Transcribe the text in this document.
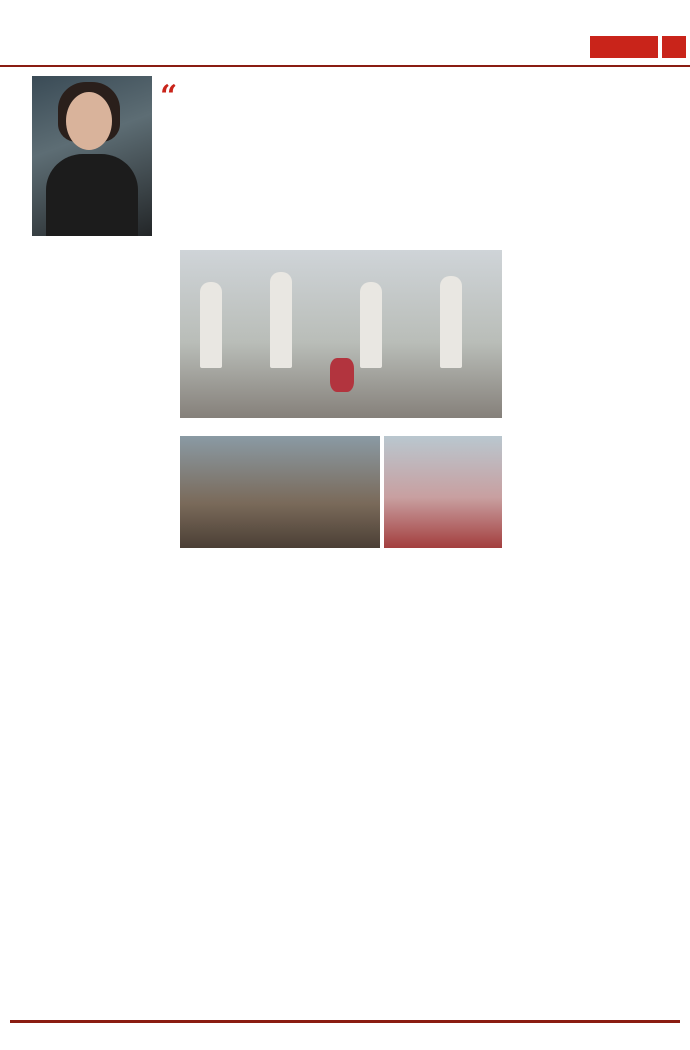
“
